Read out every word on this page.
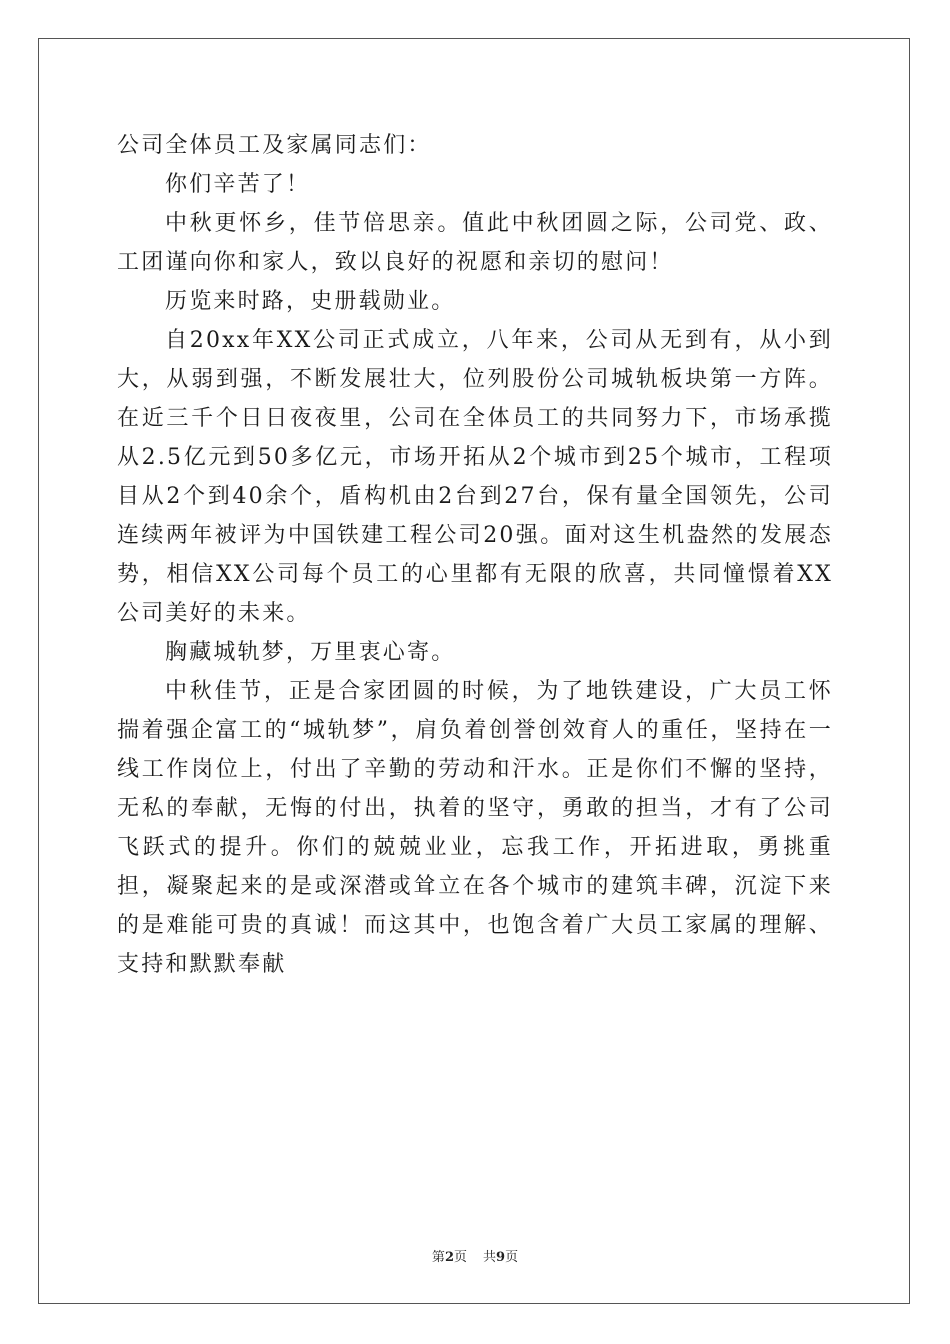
公司全体员工及家属同志们：

你们辛苦了！

中秋更怀乡，佳节倍思亲。值此中秋团圆之际，公司党、政、工团谨向你和家人，致以良好的祝愿和亲切的慰问！

历览来时路，史册载勋业。

自20xx年XX公司正式成立，八年来，公司从无到有，从小到大，从弱到强，不断发展壮大，位列股份公司城轨板块第一方阵。在近三千个日日夜夜里，公司在全体员工的共同努力下，市场承揽从2.5亿元到50多亿元，市场开拓从2个城市到25个城市，工程项目从2个到40余个，盾构机由2台到27台，保有量全国领先，公司连续两年被评为中国铁建工程公司20强。面对这生机盎然的发展态势，相信XX公司每个员工的心里都有无限的欣喜，共同憧憬着XX公司美好的未来。

胸藏城轨梦，万里衷心寄。

中秋佳节，正是合家团圆的时候，为了地铁建设，广大员工怀揣着强企富工的“城轨梦”，肩负着创誉创效育人的重任，坚持在一线工作岗位上，付出了辛勤的劳动和汗水。正是你们不懈的坚持，无私的奉献，无悔的付出，执着的坚守，勇敢的担当，才有了公司飞跃式的提升。你们的兢兢业业，忘我工作，开拓进取，勇挑重担，凝聚起来的是或深潜或耸立在各个城市的建筑丰碑，沉淀下来的是难能可贵的真诚！而这其中，也饱含着广大员工家属的理解、支持和默默奉献

第2页 共9页
